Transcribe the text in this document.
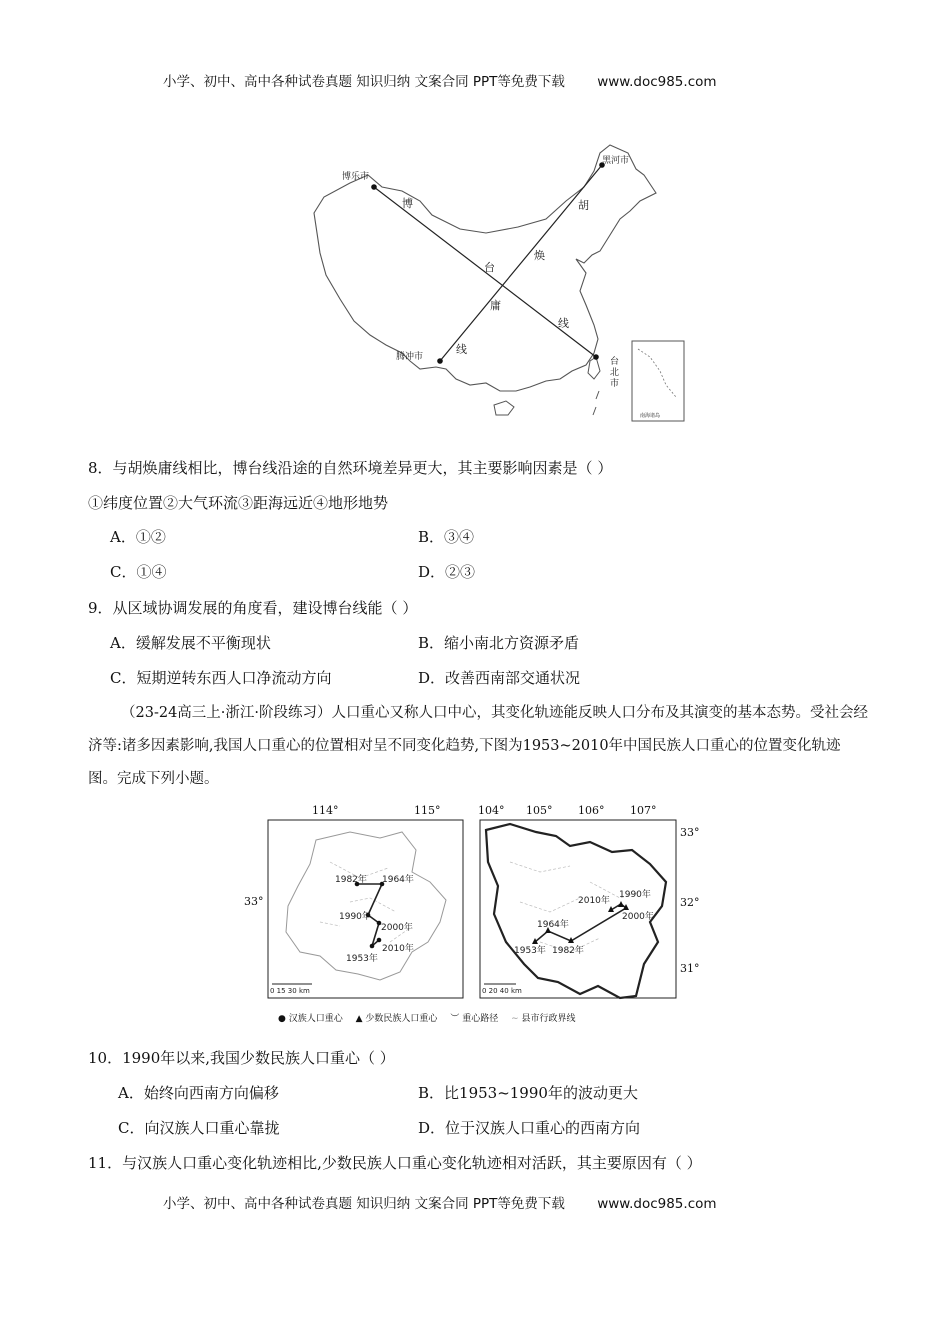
小学、初中、高中各种试卷真题 知识归纳 文案合同 PPT等免费下载 www.doc985.com
博乐市
黑河市
腾冲市
博
台
线
胡
焕
庸
线
南海诸岛
台北市
8．与胡焕庸线相比，博台线沿途的自然环境差异更大，其主要影响因素是（ ）
①纬度位置②大气环流③距海远近④地形地势
A．①②	B．③④
C．①④	D．②③
9．从区域协调发展的角度看，建设博台线能（ ）
A．缓解发展不平衡现状	B．缩小南北方资源矛盾
C．短期逆转东西人口净流动方向	D．改善西南部交通状况
（23-24高三上·浙江·阶段练习）人口重心又称人口中心，其变化轨迹能反映人口分布及其演变的基本态势。受社会经济等:诸多因素影响,我国人口重心的位置相对呈不同变化趋势,下图为1953~2010年中国民族人口重心的位置变化轨迹图。完成下列小题。
114°	115°
33°
1982年 1964年
1990年
2000年
2010年
1953年
0 15 30 km
104° 105° 106° 107°
33°
32°
31°
1990年
2010年
2000年
1964年
1953年 1982年
0 20 40 km
● 汉族人口重心 ▲ 少数民族人口重心 ︶ 重心路径 ∼ 县市行政界线
10．1990年以来,我国少数民族人口重心（ ）
A．始终向西南方向偏移	B．比1953~1990年的波动更大
C．向汉族人口重心靠拢	D．位于汉族人口重心的西南方向
11．与汉族人口重心变化轨迹相比,少数民族人口重心变化轨迹相对活跃，其主要原因有（ ）
小学、初中、高中各种试卷真题 知识归纳 文案合同 PPT等免费下载 www.doc985.com
